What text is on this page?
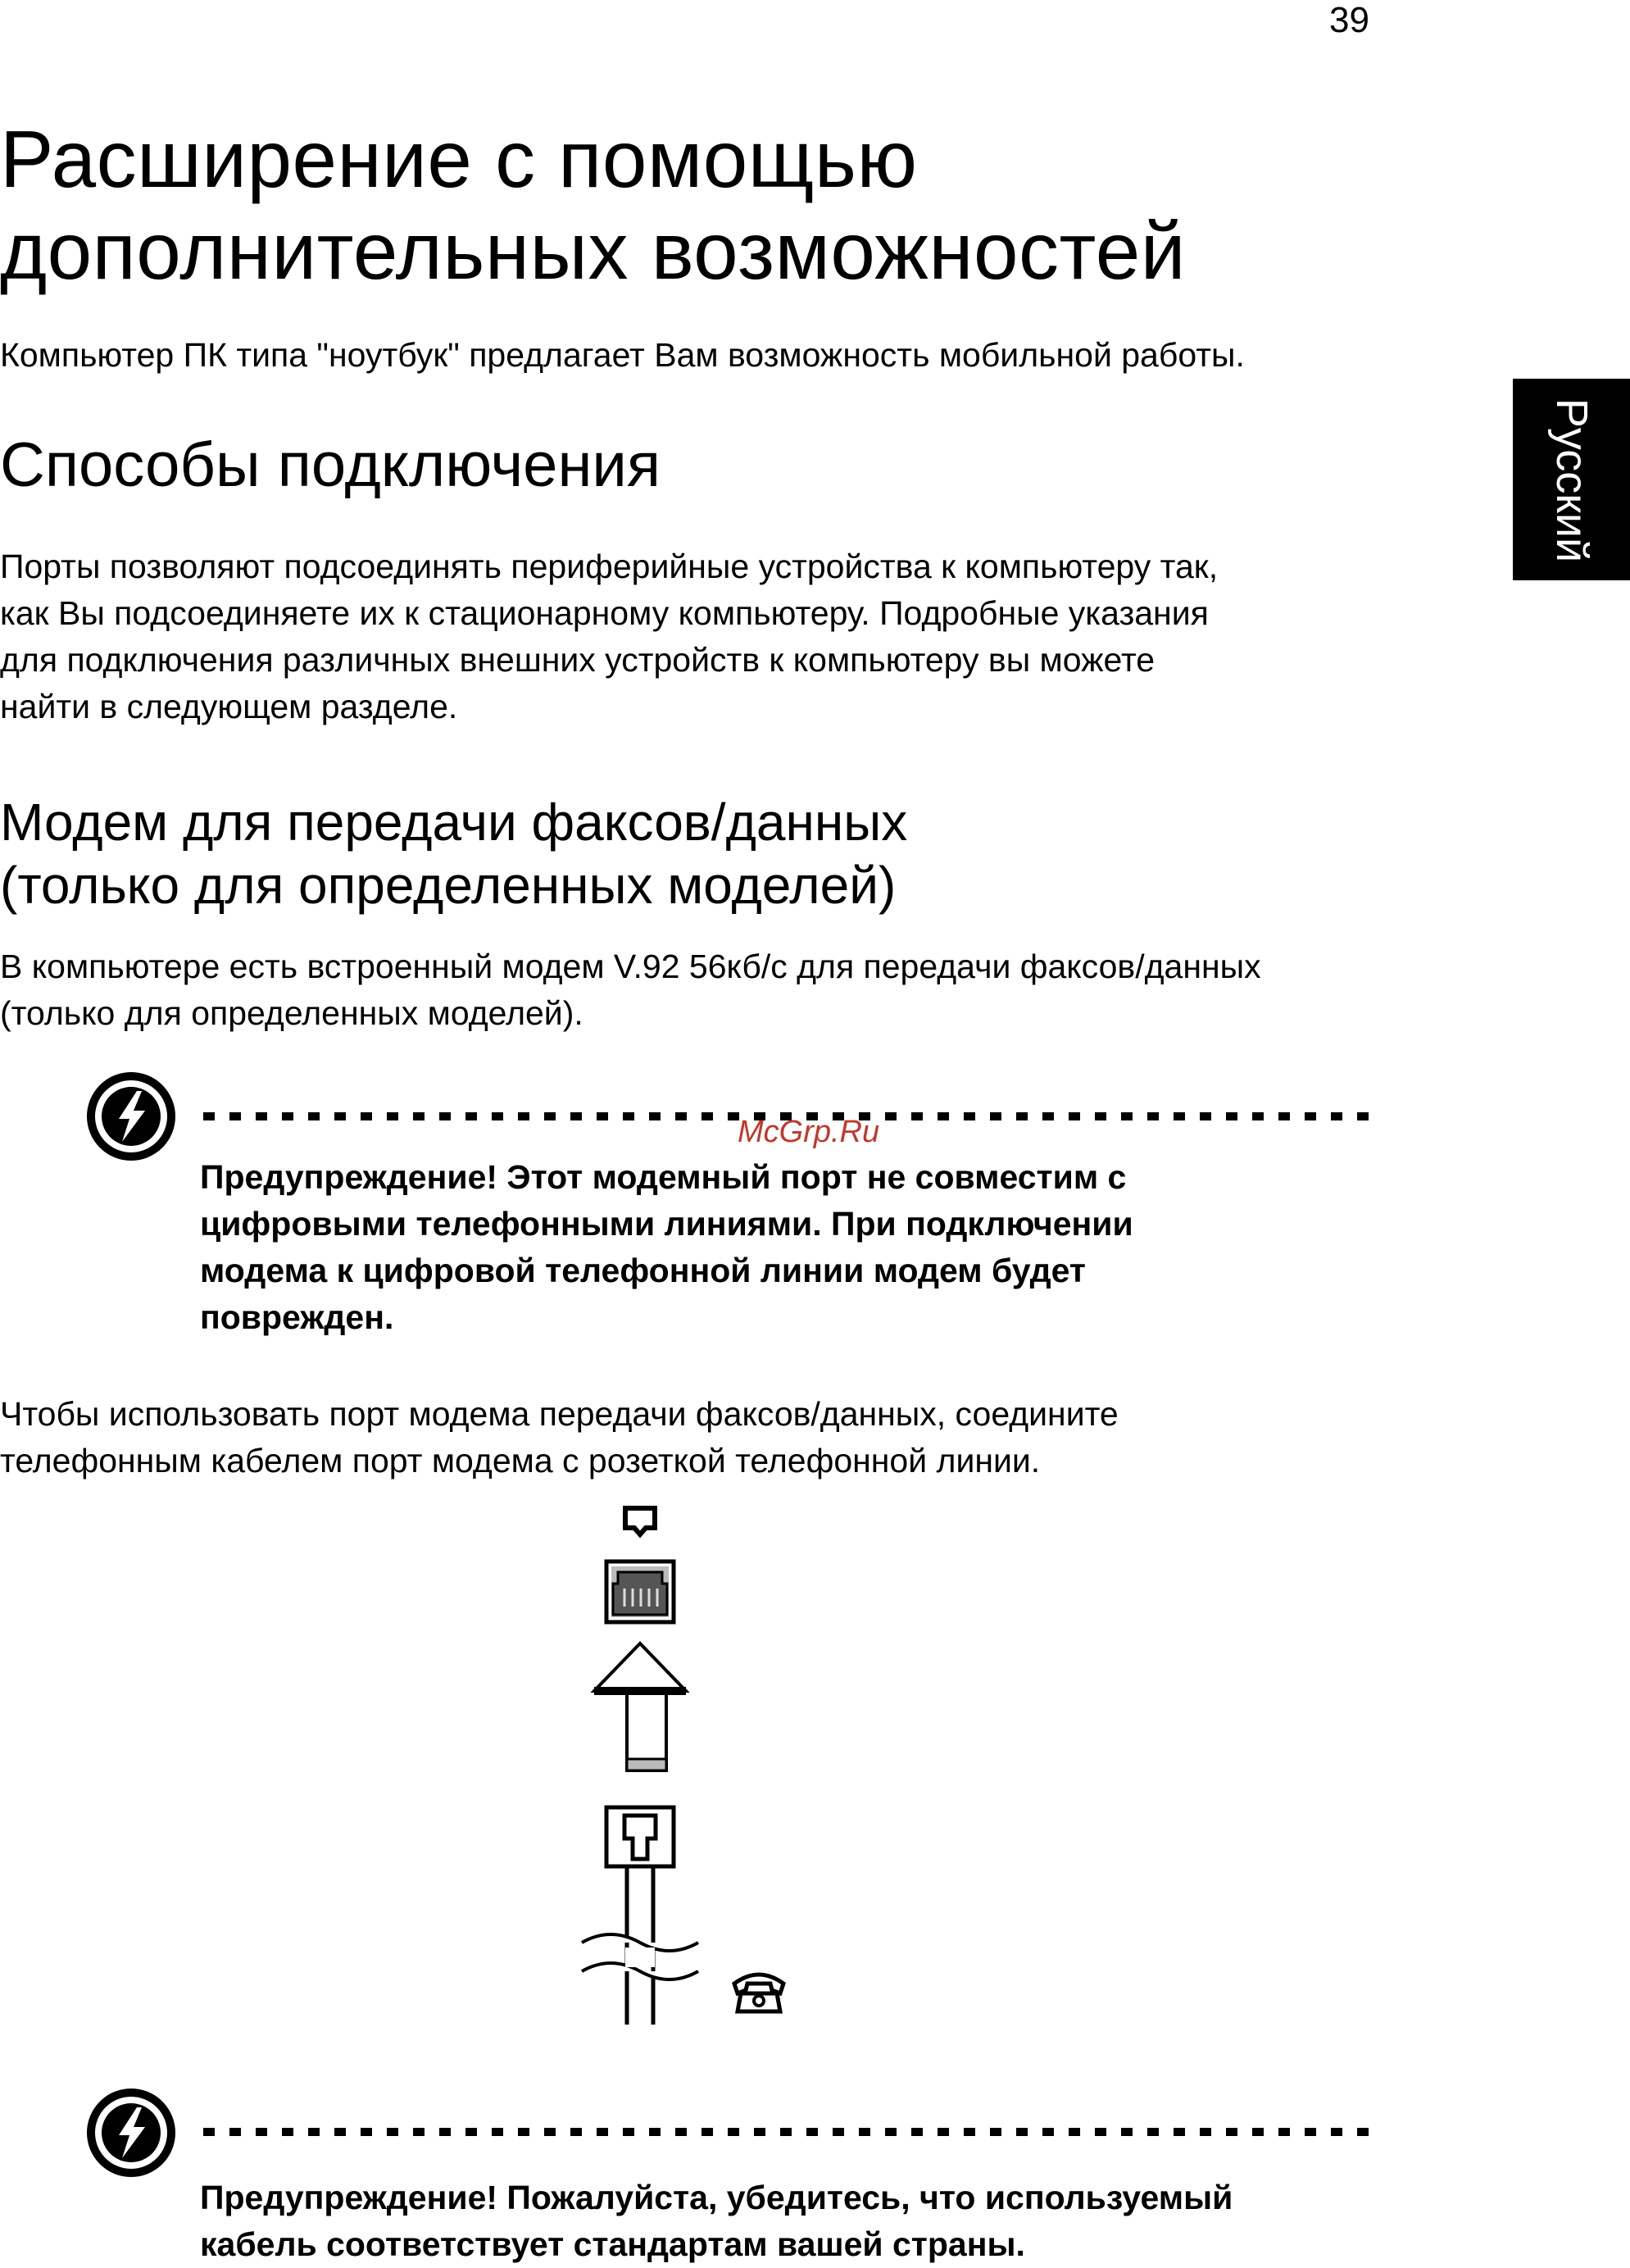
39
Русский
Расширение с помощью
дополнительных возможностей
Компьютер ПК типа "ноутбук" предлагает Вам возможность мобильной работы.
Способы подключения
Порты позволяют подсоединять периферийные устройства к компьютеру так,
как Вы подсоединяете их к стационарному компьютеру. Подробные указания
для подключения различных внешних устройств к компьютеру вы можете
найти в следующем разделе.
Модем для передачи факсов/данных
(только для определенных моделей)
В компьютере есть встроенный модем V.92 56кб/с для передачи факсов/данных
(только для определенных моделей).
McGrp.Ru
Предупреждение! Этот модемный порт не совместим с
цифровыми телефонными линиями. При подключении
модема к цифровой телефонной линии модем будет
поврежден.
Чтобы использовать порт модема передачи факсов/данных, соедините
телефонным кабелем порт модема с розеткой телефонной линии.
Предупреждение! Пожалуйста, убедитесь, что используемый
кабель соответствует стандартам вашей страны.
